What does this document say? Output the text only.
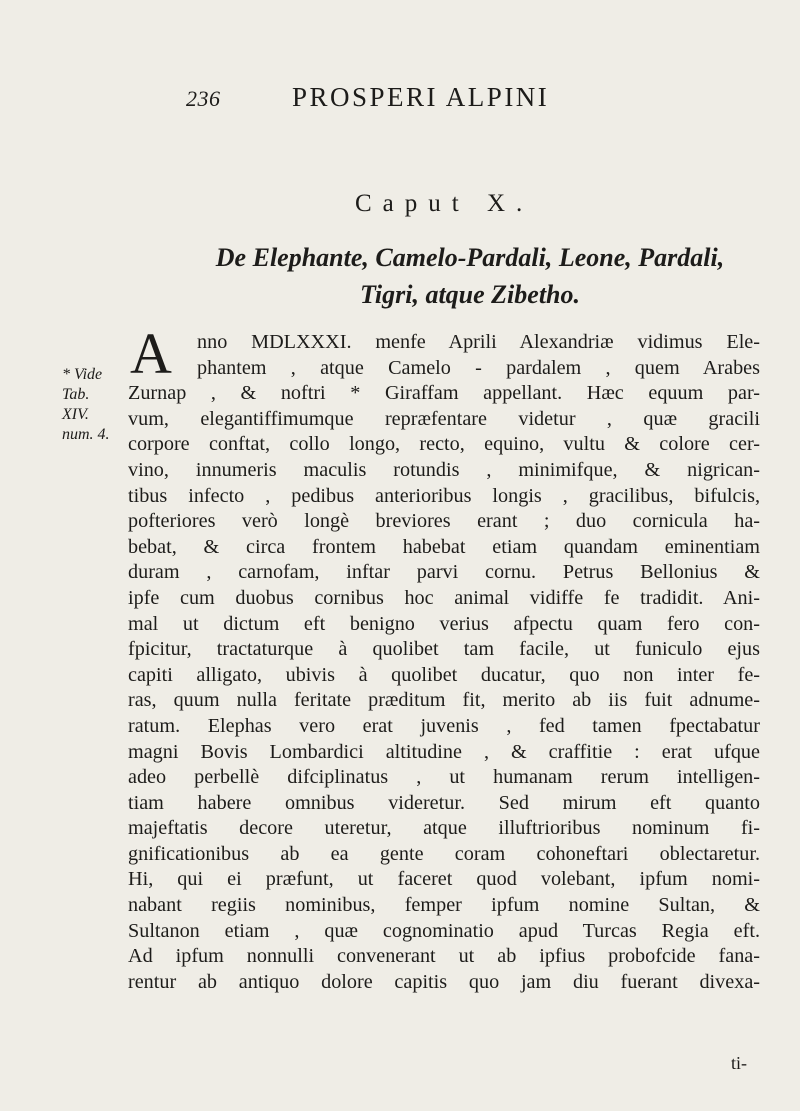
236	PROSPERI ALPINI
Caput X.
De Elephante, Camelo-Pardali, Leone, Pardali, Tigri, atque Zibetho.
* Vide
Tab.
XIV.
num. 4.
A	nno MDLXXXI. menfe Aprili Alexandriæ vidimus Ele-
phantem , atque Camelo - pardalem , quem Arabes
Zurnap , & noftri * Giraffam appellant. Hæc equum par-
vum, elegantiffimumque repræfentare videtur , quæ gracili
corpore conftat, collo longo, recto, equino, vultu & colore cer-
vino, innumeris maculis rotundis , minimifque, & nigrican-
tibus infecto , pedibus anterioribus longis , gracilibus, bifulcis,
pofteriores verò longè breviores erant ; duo cornicula ha-
bebat, & circa frontem habebat etiam quandam eminentiam
duram , carnofam, inftar parvi cornu. Petrus Bellonius &
ipfe cum duobus cornibus hoc animal vidiffe fe tradidit. Ani-
mal ut dictum eft benigno verius afpectu quam fero con-
fpicitur, tractaturque à quolibet tam facile, ut funiculo ejus
capiti alligato, ubivis à quolibet ducatur, quo non inter fe-
ras, quum nulla feritate præditum fit, merito ab iis fuit adnume-
ratum. Elephas vero erat juvenis , fed tamen fpectabatur
magni Bovis Lombardici altitudine , & craffitie : erat ufque
adeo perbellè difciplinatus , ut humanam rerum intelligen-
tiam habere omnibus videretur. Sed mirum eft quanto
majeftatis decore uteretur, atque illuftrioribus nominum fi-
gnificationibus ab ea gente coram cohoneftari oblectaretur.
Hi, qui ei præfunt, ut faceret quod volebant, ipfum nomi-
nabant regiis nominibus, femper ipfum nomine Sultan, &
Sultanon etiam , quæ cognominatio apud Turcas Regia eft.
Ad ipfum nonnulli convenerant ut ab ipfius probofcide fana-
rentur ab antiquo dolore capitis quo jam diu fuerant divexa-
ti-
